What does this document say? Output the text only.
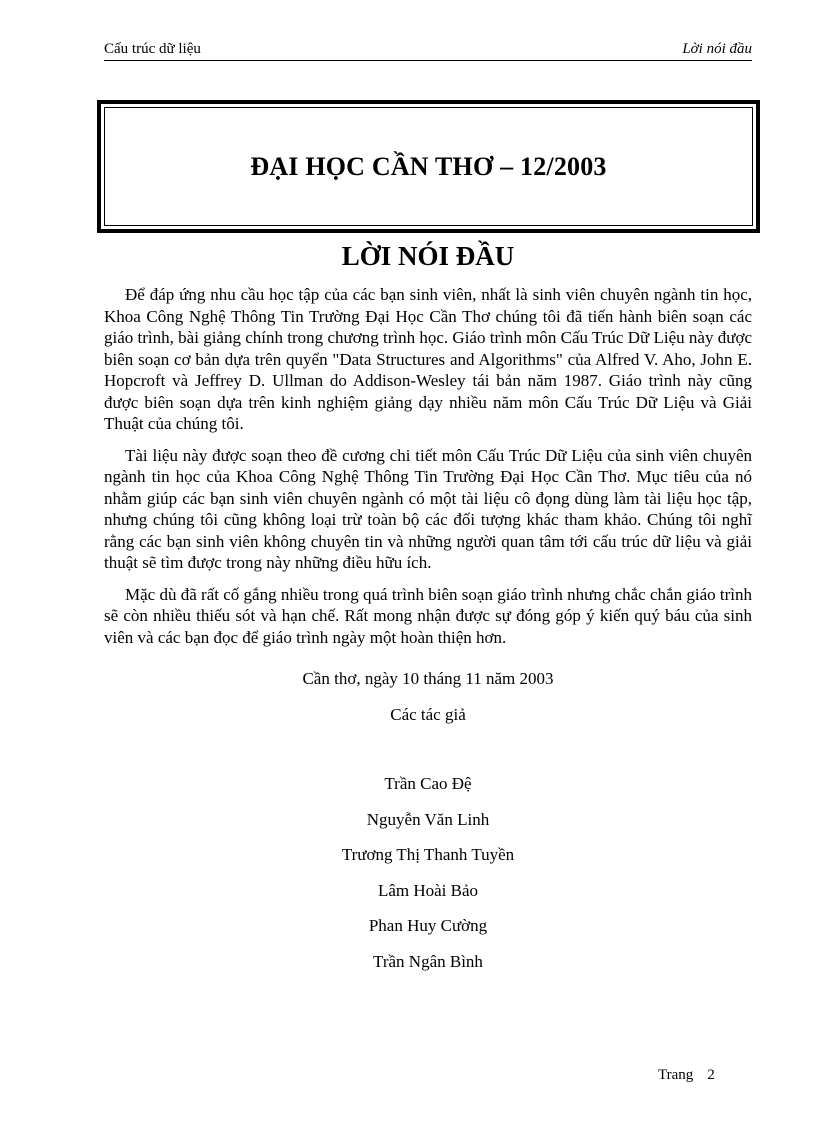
Cấu trúc dữ liệu	Lời nói đầu
ĐẠI HỌC CẦN THƠ – 12/2003
LỜI NÓI ĐẦU

Để đáp ứng nhu cầu học tập của các bạn sinh viên, nhất là sinh viên chuyên ngành tin học, Khoa Công Nghệ Thông Tin Trường Đại Học Cần Thơ chúng tôi đã tiến hành biên soạn các giáo trình, bài giảng chính trong chương trình học. Giáo trình môn Cấu Trúc Dữ Liệu này được biên soạn cơ bản dựa trên quyển "Data Structures and Algorithms" của Alfred V. Aho, John E. Hopcroft và Jeffrey D. Ullman do Addison-Wesley tái bản năm 1987. Giáo trình này cũng được biên soạn dựa trên kinh nghiệm giảng dạy nhiều năm môn Cấu Trúc Dữ Liệu và Giải Thuật của chúng tôi.

Tài liệu này được soạn theo đề cương chi tiết môn Cấu Trúc Dữ Liệu của sinh viên chuyên ngành tin học của Khoa Công Nghệ Thông Tin Trường Đại Học Cần Thơ. Mục tiêu của nó nhằm giúp các bạn sinh viên chuyên ngành có một tài liệu cô đọng dùng làm tài liệu học tập, nhưng chúng tôi cũng không loại trừ toàn bộ các đối tượng khác tham khảo. Chúng tôi nghĩ rằng các bạn sinh viên không chuyên tin và những người quan tâm tới cấu trúc dữ liệu và giải thuật sẽ tìm được trong này những điều hữu ích.

Mặc dù đã rất cố gắng nhiều trong quá trình biên soạn giáo trình nhưng chắc chắn giáo trình sẽ còn nhiều thiếu sót và hạn chế. Rất mong nhận được sự đóng góp ý kiến quý báu của sinh viên và các bạn đọc để giáo trình ngày một hoàn thiện hơn.

Cần thơ, ngày 10 tháng 11 năm 2003
Các tác giả
Trần Cao Đệ
Nguyễn Văn Linh
Trương Thị Thanh Tuyền
Lâm Hoài Bảo
Phan Huy Cường
Trần Ngân Bình
Trang 2
